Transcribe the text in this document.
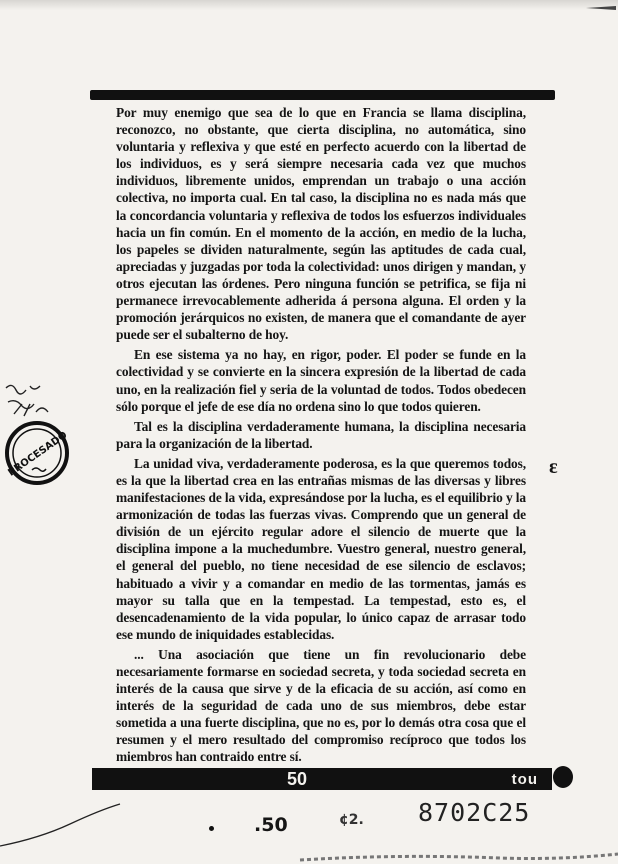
Por muy enemigo que sea de lo que en Francia se llama disciplina, reconozco, no obstante, que cierta disciplina, no automática, sino voluntaria y reflexiva y que esté en perfecto acuerdo con la libertad de los individuos, es y será siempre necesaria cada vez que muchos individuos, libremente unidos, emprendan un trabajo o una acción colectiva, no importa cual. En tal caso, la disciplina no es nada más que la concordancia voluntaria y reflexiva de todos los esfuerzos individuales hacia un fin común. En el momento de la acción, en medio de la lucha, los papeles se dividen naturalmente, según las aptitudes de cada cual, apreciadas y juzgadas por toda la colectividad: unos dirigen y mandan, y otros ejecutan las órdenes. Pero ninguna función se petrifica, se fija ni permanece irrevocablemente adherida á persona alguna. El orden y la promoción jerárquicos no existen, de manera que el comandante de ayer puede ser el subalterno de hoy.

En ese sistema ya no hay, en rigor, poder. El poder se funde en la colectividad y se convierte en la sincera expresión de la libertad de cada uno, en la realización fiel y seria de la voluntad de todos. Todos obedecen sólo porque el jefe de ese día no ordena sino lo que todos quieren.

Tal es la disciplina verdaderamente humana, la disciplina necesaria para la organización de la libertad.

La unidad viva, verdaderamente poderosa, es la que queremos todos, es la que la libertad crea en las entrañas mismas de las diversas y libres manifestaciones de la vida, expresándose por la lucha, es el equilibrio y la armonización de todas las fuerzas vivas. Comprendo que un general de división de un ejército regular adore el silencio de muerte que la disciplina impone a la muchedumbre. Vuestro general, nuestro general, el general del pueblo, no tiene necesidad de ese silencio de esclavos; habituado a vivir y a comandar en medio de las tormentas, jamás es mayor su talla que en la tempestad. La tempestad, esto es, el desencadenamiento de la vida popular, lo único capaz de arrasar todo ese mundo de iniquidades establecidas.

... Una asociación que tiene un fin revolucionario debe necesariamente formarse en sociedad secreta, y toda sociedad secreta en interés de la causa que sirve y de la eficacia de su acción, así como en interés de la seguridad de cada uno de sus miembros, debe estar sometida a una fuerte disciplina, que no es, por lo demás otra cosa que el resumen y el mero resultado del compromiso recíproco que todos los miembros han contraido entre sí.

PROCESADO	ɛ
50	tou
.50	¢2. 8702C25
